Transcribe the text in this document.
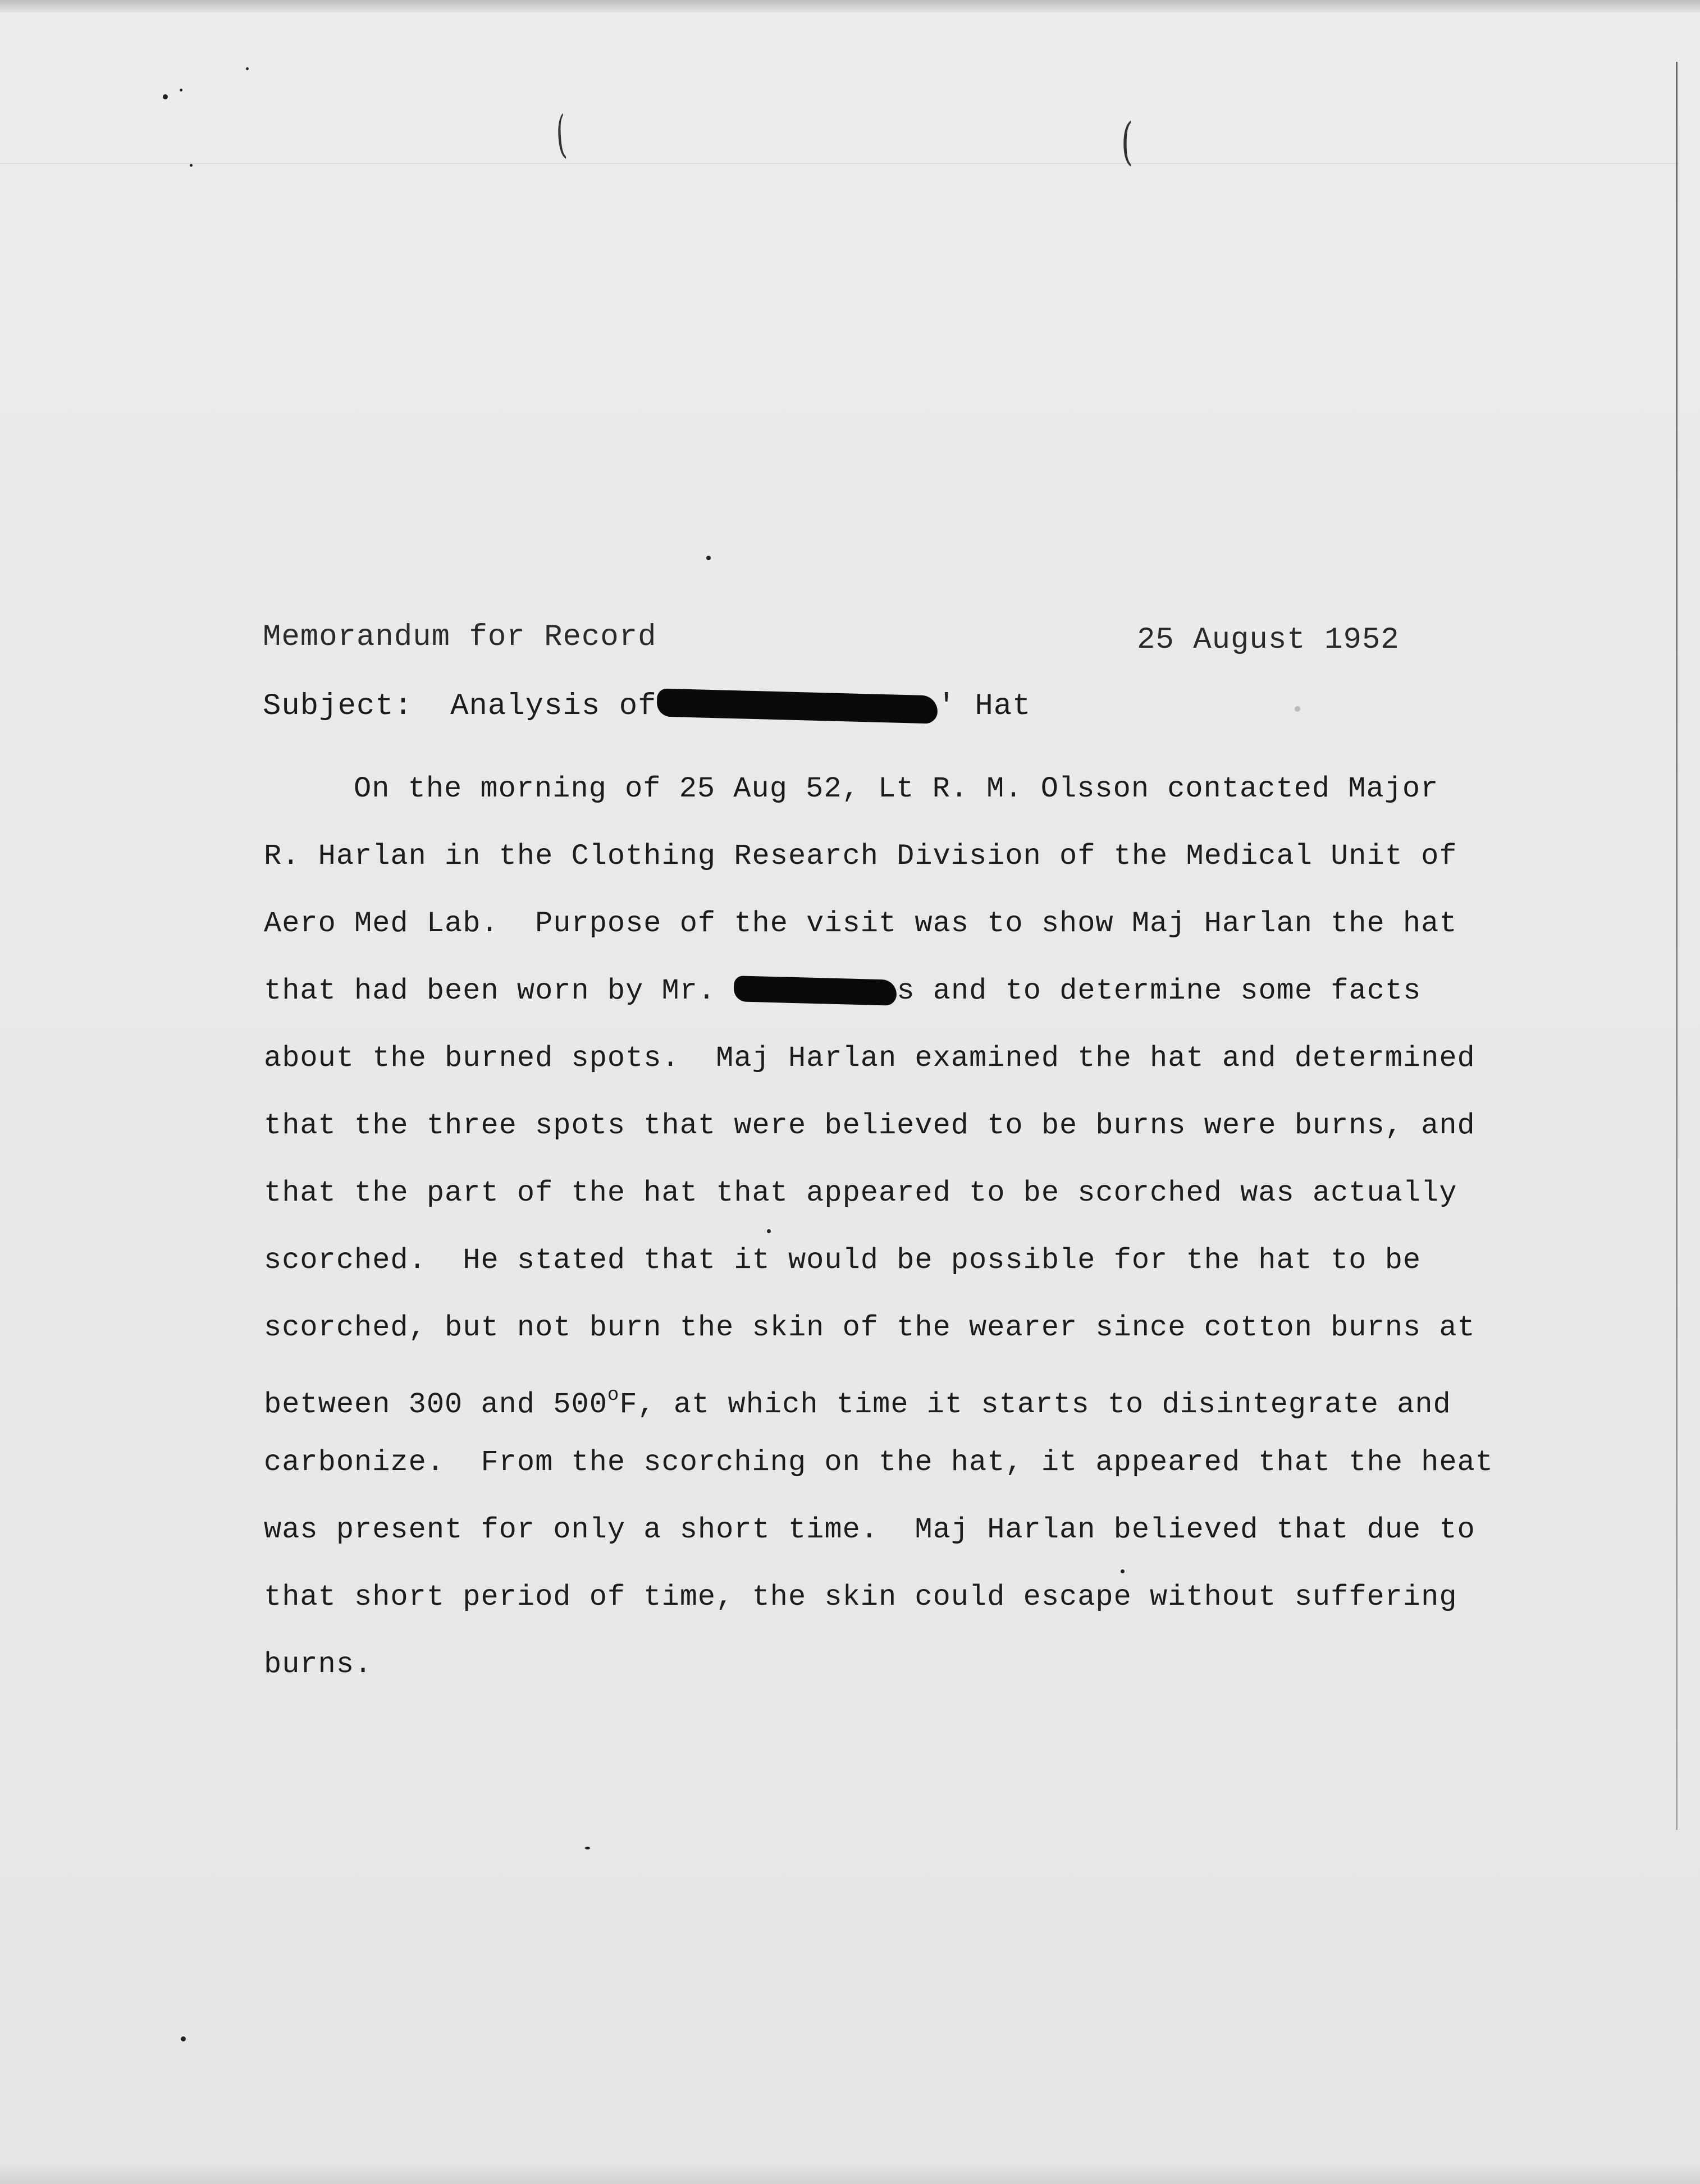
(	(
Memorandum for Record	25 August 1952
Subject: Analysis of	' Hat
On the morning of 25 Aug 52, Lt R. M. Olsson contacted Major
R. Harlan in the Clothing Research Division of the Medical Unit of
Aero Med Lab.  Purpose of the visit was to show Maj Harlan the hat
that had been worn by Mr.	s and to determine some facts
about the burned spots.  Maj Harlan examined the hat and determined
that the three spots that were believed to be burns were burns, and
that the part of the hat that appeared to be scorched was actually
scorched.  He stated that it would be possible for the hat to be
scorched, but not burn the skin of the wearer since cotton burns at
between 300 and 500$^o$F, at which time it starts to disintegrate and
carbonize.  From the scorching on the hat, it appeared that the heat
was present for only a short time.  Maj Harlan believed that due to
that short period of time, the skin could escape without suffering
burns.
